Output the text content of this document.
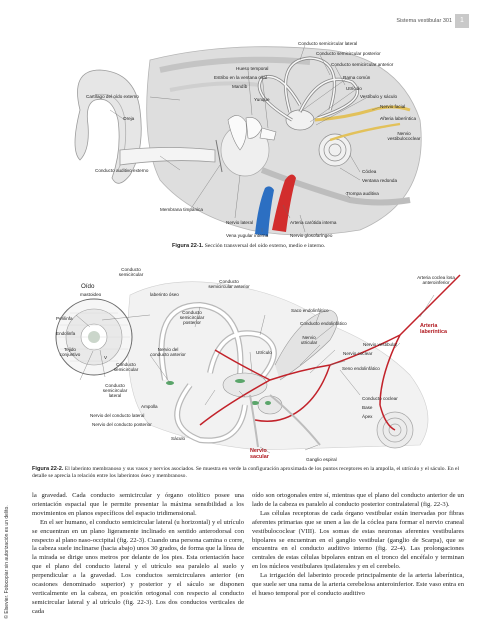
Sistema vestibular 301	1
© Elsevier. Fotocopiar sin autorización es un delito.
Conducto semicircular lateral
Conducto semicircular posterior
Conducto semicircular anterior
Hueso temporal
Estribo en la ventana oval	Rama común
Mandíb	Utrículo
Yunque
Vestíbulo y sáculo
Cartílago del oído externo
Nervio facial
Oreja	Arteria laberíntica
Nervio vestibulococlear
Conducto auditivo externo	Cóclea
Ventana redonda
Trompa auditiva
Membrana timpánica
Nervio lateral	Arteria carótida interna
Vena yugular interna	Nervio glosofaríngeo
Figura 22-1. Sección transversal del oído externo, medio e interno.
Conducto semicircular
Oído
mastoideo	laberinto óseo
Conducto semicircular anterior
Arteria coclea losa anteroinferior
Conducto semicircular posterior
Saco endolinfático
Conducto endolinfático	Arteria laberíntica
Perilinfa
Endolinfa
Nervio utricular
Tejido conjuntivo
V
Nervio del conducto anterior
Conducto semicircular
Utrículo
Nervio vestibular
Nervio coclear
Seno endolinfático
Conducto semicircular lateral
Conducto coclear
Base
Ápex
Ampolla
Nervio del conducto lateral
Nervio del conducto posterior
Sáculo
Nervio sacular	Ganglio espiral
Figura 22-2. El laberinto membranoso y sus vasos y nervios asociados. Se muestra en verde la configuración aproximada de los puntos receptores en la ampolla, el utrículo y el sáculo. En el detalle se aprecia la relación entre los laberintos óseo y membranoso.

la gravedad. Cada conducto semicircular y órgano otolítico posee una orientación espacial que le permite presentar la máxima sensibilidad a los movimientos en planos específicos del espacio tridimensional.

En el ser humano, el conducto semicircular lateral (u horizontal) y el utrículo se encuentran en un plano ligeramente inclinado en sentido anterodorsal con respecto al plano naso-occipital (fig. 22-3). Cuando una persona camina o corre, la cabeza suele inclinarse (hacia abajo) unos 30 grados, de forma que la línea de la mirada se dirige unos metros por delante de los pies. Esta orientación hace que el plano del conducto lateral y el utrículo sea paralelo al suelo y perpendicular a la gravedad. Los conductos semicirculares anterior (en ocasiones denominado superior) y posterior y el sáculo se disponen verticalmente en la cabeza, en posición ortogonal con respecto al conducto semicircular lateral y al utrículo (fig. 22-3). Los dos conductos verticales de cada

oído son ortogonales entre sí, mientras que el plano del conducto anterior de un lado de la cabeza es paralelo al conducto posterior contralateral (fig. 22-3).

Las células receptoras de cada órgano vestibular están inervadas por fibras aferentes primarias que se unen a las de la cóclea para formar el nervio craneal vestibulococlear (VIII). Los somas de estas neuronas aferentes vestibulares bipolares se encuentran en el ganglio vestibular (ganglio de Scarpa), que se encuentra en el conducto auditivo interno (fig. 22-4). Las prolongaciones centrales de estas células bipolares entran en el tronco del encéfalo y terminan en los núcleos vestibulares ipsilaterales y en el cerebelo.

La irrigación del laberinto procede principalmente de la arteria laberíntica, que suele ser una rama de la arteria cerebelosa anteroinferior. Este vaso entra en el hueso temporal por el conducto auditivo
